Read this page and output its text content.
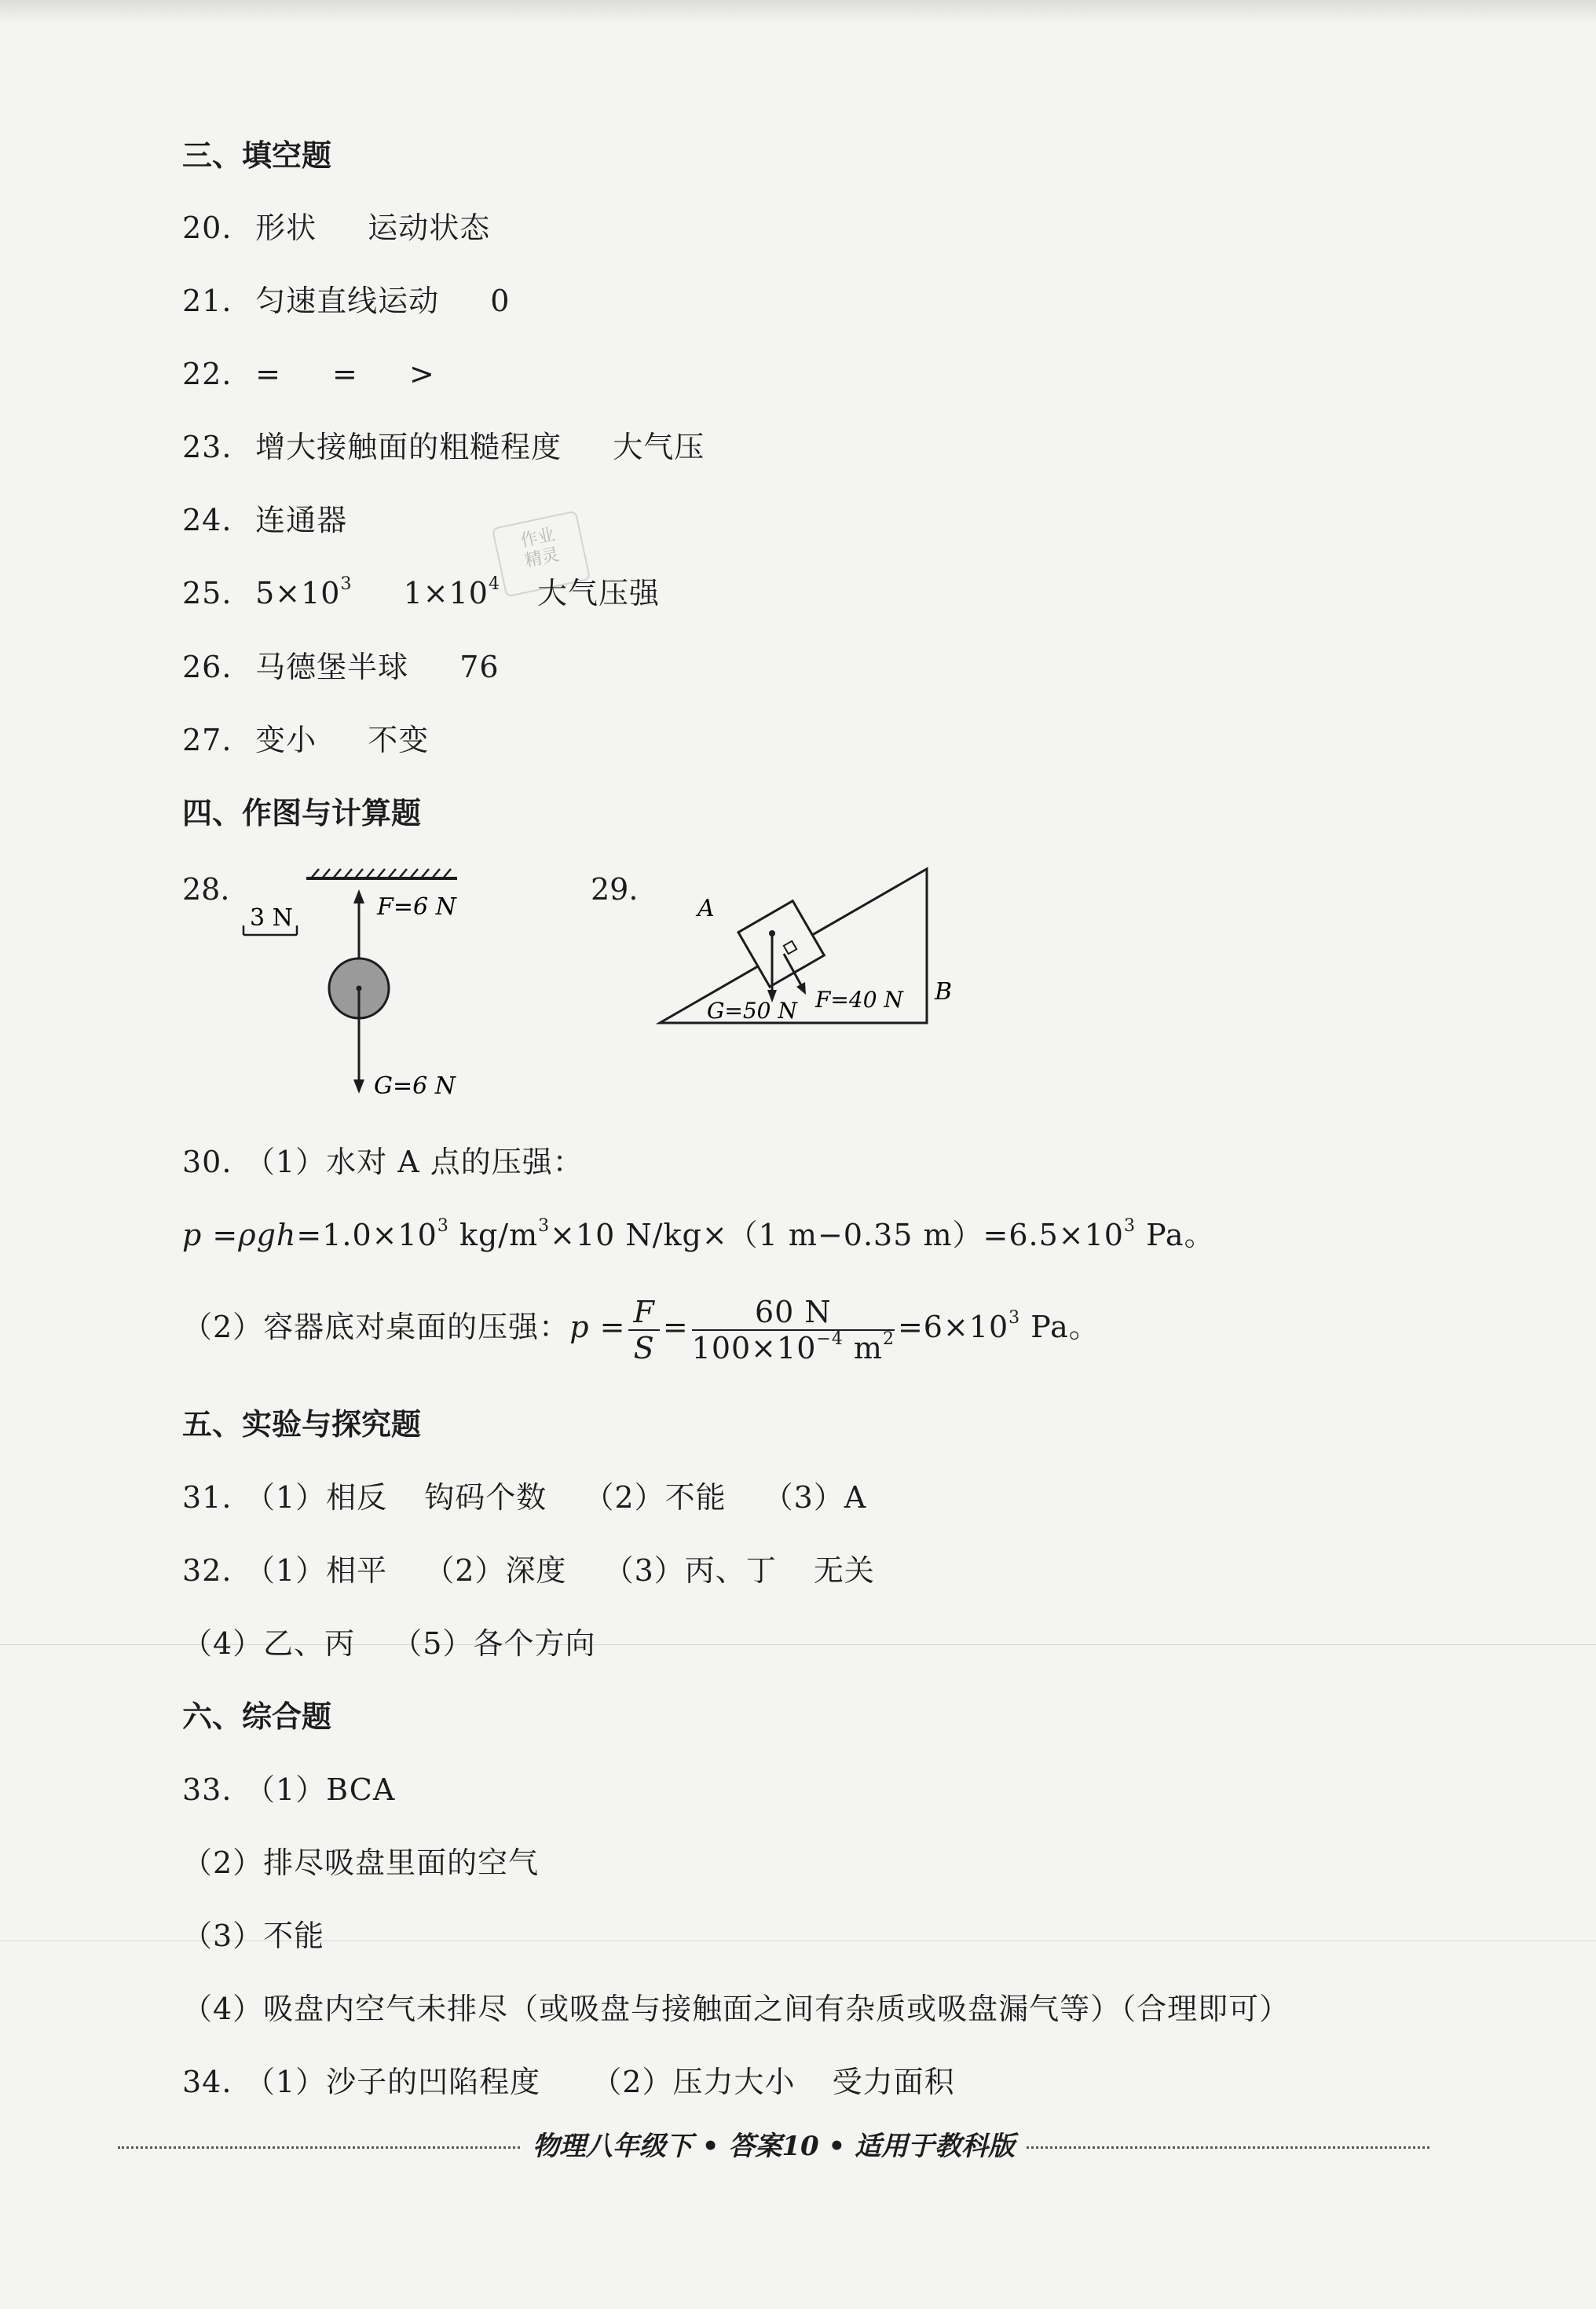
三、填空题
20. 形状 运动状态
21. 匀速直线运动 0
22. = = >
23. 增大接触面的粗糙程度 大气压
24. 连通器
作业
精灵
25. $5\times 10^3$ $1\times 10^4$ 大气压强
26. 马德堡半球 76
27. 变小 不变
四、作图与计算题
28.
3 N	F=6 N
G=6 N
29.
A
B
G=50 N F=40 N
30. （1）水对 A 点的压强：
$p =\rho gh=1.0\times 10^3$ $kg/m^3\times 10$ N/kg×（1 m−0.35 $m)=6.5\times 10^3$ Pa。
（2）容器底对桌面的压强：$p = \frac{F}{S} = \frac{60 N}{100\times 10^{-4} m^2} =6\times 10^3$ Pa。
五、实验与探究题
31. （1）相反 钩码个数 （2）不能 （3）A
32. （1）相平 （2）深度 （3）丙、丁 无关
（4）乙、丙 （5）各个方向
六、综合题
33. （1）BCA
（2）排尽吸盘里面的空气
（3）不能
（4）吸盘内空气未排尽（或吸盘与接触面之间有杂质或吸盘漏气等）（合理即可）
34. （1）沙子的凹陷程度 （2）压力大小 受力面积
物理八年级下 • 答案10 • 适用于教科版
